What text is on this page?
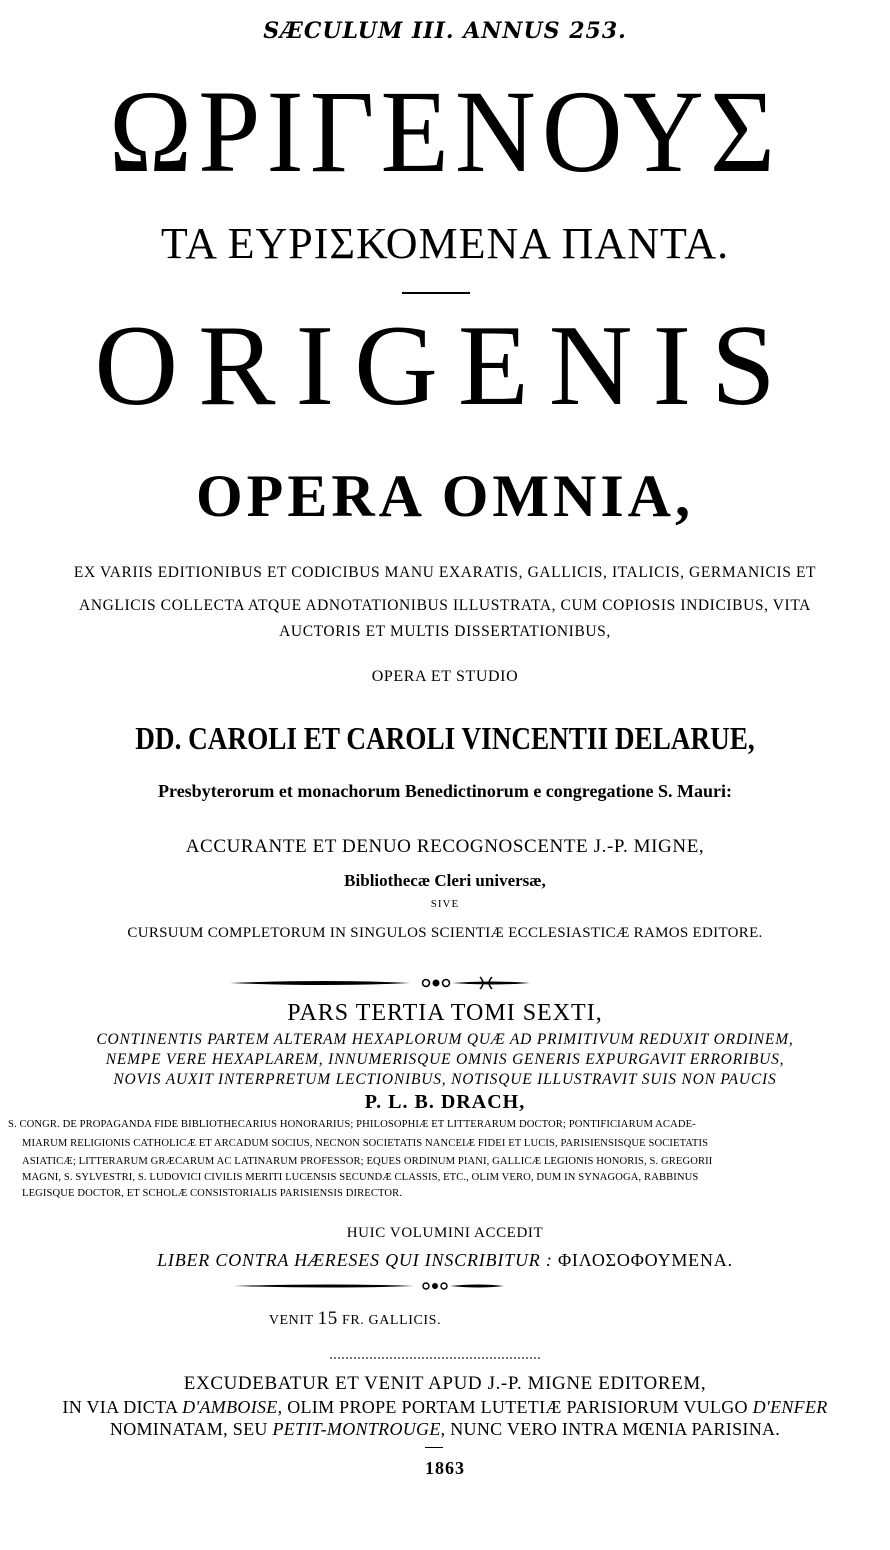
SÆCULUM III. ANNUS 253.
ΩΡΙΓΕΝΟΥΣ
ΤΑ ΕΥΡΙΣΚΟΜΕΝΑ ΠΑΝΤΑ.
ORIGENIS
OPERA OMNIA,
EX VARIIS EDITIONIBUS ET CODICIBUS MANU EXARATIS, GALLICIS, ITALICIS, GERMANICIS ET
ANGLICIS COLLECTA ATQUE ADNOTATIONIBUS ILLUSTRATA, CUM COPIOSIS INDICIBUS, VITA
AUCTORIS ET MULTIS DISSERTATIONIBUS,
OPERA ET STUDIO
DD. CAROLI ET CAROLI VINCENTII DELARUE,
Presbyterorum et monachorum Benedictinorum e congregatione S. Mauri:
ACCURANTE ET DENUO RECOGNOSCENTE J.-P. MIGNE,
Bibliothecæ Cleri universæ,
SIVE
CURSUUM COMPLETORUM IN SINGULOS SCIENTIÆ ECCLESIASTICÆ RAMOS EDITORE.
PARS TERTIA TOMI SEXTI,
CONTINENTIS PARTEM ALTERAM HEXAPLORUM QUÆ AD PRIMITIVUM REDUXIT ORDINEM,
NEMPE VERE HEXAPLAREM, INNUMERISQUE OMNIS GENERIS EXPURGAVIT ERRORIBUS,
NOVIS AUXIT INTERPRETUM LECTIONIBUS, NOTISQUE ILLUSTRAVIT SUIS NON PAUCIS
P. L. B. DRACH,
S. CONGR. DE PROPAGANDA FIDE BIBLIOTHECARIUS HONORARIUS; PHILOSOPHIÆ ET LITTERARUM DOCTOR; PONTIFICIARUM ACADE-
MIARUM RELIGIONIS CATHOLICÆ ET ARCADUM SOCIUS, NECNON SOCIETATIS NANCEIÆ FIDEI ET LUCIS, PARISIENSISQUE SOCIETATIS
ASIATICÆ; LITTERARUM GRÆCARUM AC LATINARUM PROFESSOR; EQUES ORDINUM PIANI, GALLICÆ LEGIONIS HONORIS, S. GREGORII
MAGNI, S. SYLVESTRI, S. LUDOVICI CIVILIS MERITI LUCENSIS SECUNDÆ CLASSIS, ETC., OLIM VERO, DUM IN SYNAGOGA, RABBINUS
LEGISQUE DOCTOR, ET SCHOLÆ CONSISTORIALIS PARISIENSIS DIRECTOR.
HUIC VOLUMINI ACCEDIT
LIBER CONTRA HÆRESES QUI INSCRIBITUR : ΦΙΛΟΣΟΦΟΥΜΕΝΑ.
VENIT 15 FR. GALLICIS.
EXCUDEBATUR ET VENIT APUD J.-P. MIGNE EDITOREM,
IN VIA DICTA D'AMBOISE, OLIM PROPE PORTAM LUTETIÆ PARISIORUM VULGO D'ENFER
NOMINATAM, SEU PETIT-MONTROUGE, NUNC VERO INTRA MŒNIA PARISINA.
1863
